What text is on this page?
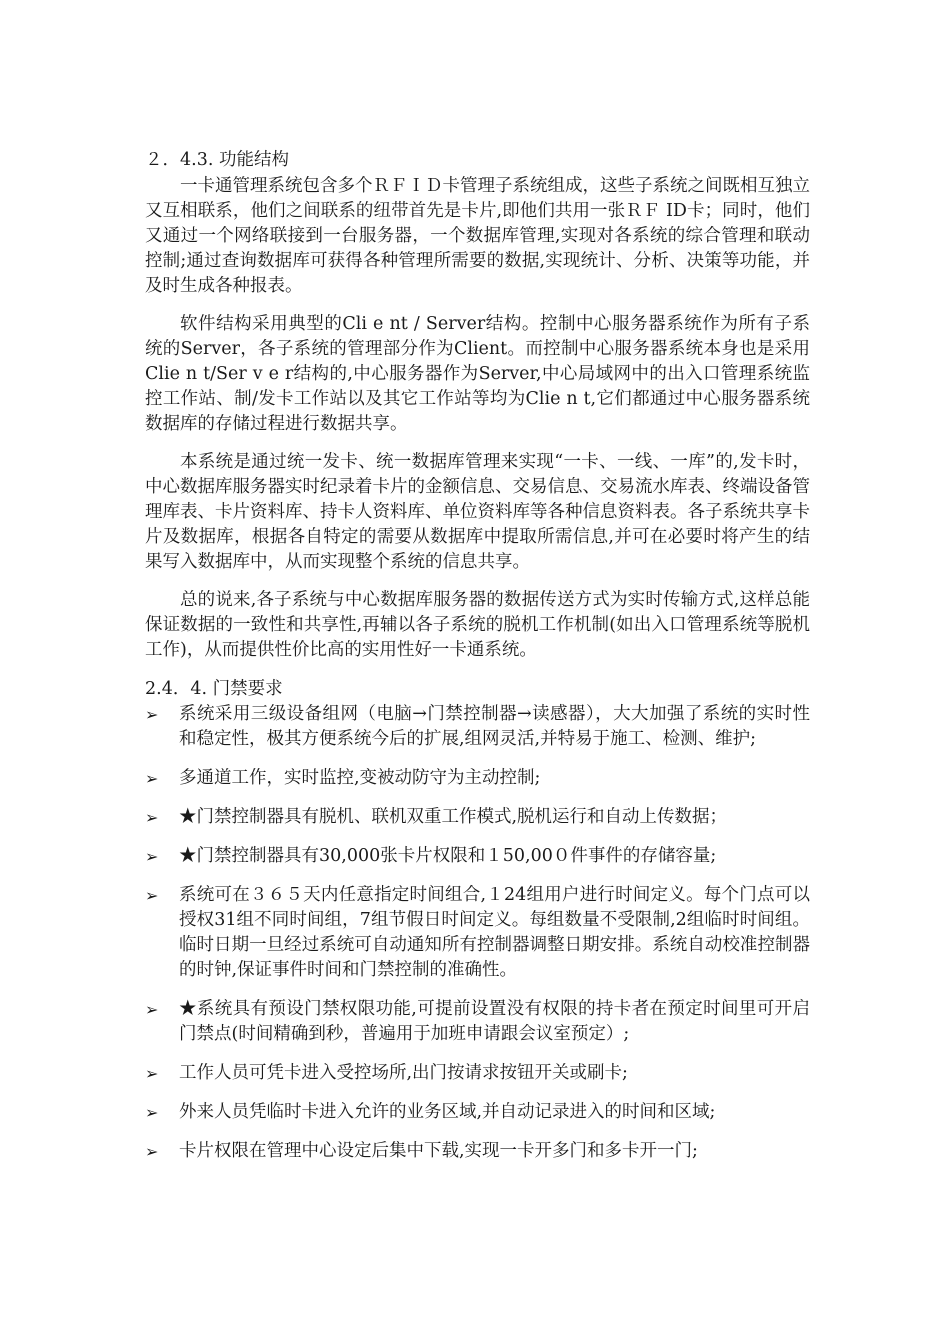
２．4.3. 功能结构

一卡通管理系统包含多个ＲＦＩＤ卡管理子系统组成，这些子系统之间既相互独立又互相联系，他们之间联系的纽带首先是卡片,即他们共用一张ＲＦ ID卡；同时，他们又通过一个网络联接到一台服务器，一个数据库管理,实现对各系统的综合管理和联动控制;通过查询数据库可获得各种管理所需要的数据,实现统计、分析、决策等功能，并及时生成各种报表。

软件结构采用典型的Cli e nt / Server结构。控制中心服务器系统作为所有子系统的Server，各子系统的管理部分作为Client。而控制中心服务器系统本身也是采用Clie n t/Ser v e r结构的,中心服务器作为Server,中心局域网中的出入口管理系统监控工作站、制/发卡工作站以及其它工作站等均为Clie n t,它们都通过中心服务器系统数据库的存储过程进行数据共享。

本系统是通过统一发卡、统一数据库管理来实现“一卡、一线、一库”的,发卡时，中心数据库服务器实时纪录着卡片的金额信息、交易信息、交易流水库表、终端设备管理库表、卡片资料库、持卡人资料库、单位资料库等各种信息资料表。各子系统共享卡片及数据库，根据各自特定的需要从数据库中提取所需信息,并可在必要时将产生的结果写入数据库中，从而实现整个系统的信息共享。

总的说来,各子系统与中心数据库服务器的数据传送方式为实时传输方式,这样总能保证数据的一致性和共享性,再辅以各子系统的脱机工作机制(如出入口管理系统等脱机工作)，从而提供性价比高的实用性好一卡通系统。

2.4．4. 门禁要求

➢	系统采用三级设备组网（电脑→门禁控制器→读感器），大大加强了系统的实时性和稳定性，极其方便系统今后的扩展,组网灵活,并特易于施工、检测、维护;
➢	多通道工作，实时监控,变被动防守为主动控制;
➢	★门禁控制器具有脱机、联机双重工作模式,脱机运行和自动上传数据；
➢	★门禁控制器具有30,000张卡片权限和１50,00０件事件的存储容量;
➢	系统可在３６５天内任意指定时间组合,１24组用户进行时间定义。每个门点可以授权31组不同时间组，7组节假日时间定义。每组数量不受限制,2组临时时间组。临时日期一旦经过系统可自动通知所有控制器调整日期安排。系统自动校准控制器的时钟,保证事件时间和门禁控制的准确性。
➢	★系统具有预设门禁权限功能,可提前设置没有权限的持卡者在预定时间里可开启门禁点(时间精确到秒，普遍用于加班申请跟会议室预定）;
➢	工作人员可凭卡进入受控场所,出门按请求按钮开关或刷卡;
➢	外来人员凭临时卡进入允许的业务区域,并自动记录进入的时间和区域;
➢	卡片权限在管理中心设定后集中下载,实现一卡开多门和多卡开一门;
